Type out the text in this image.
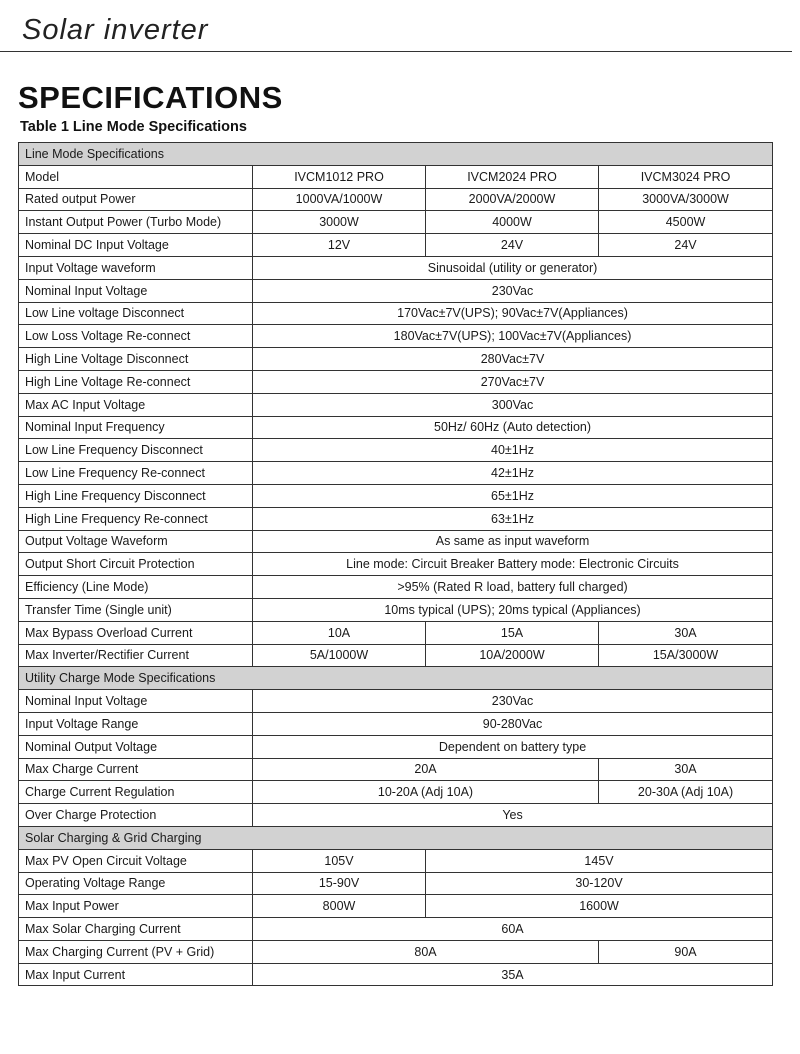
Solar inverter
SPECIFICATIONS
Table 1 Line Mode Specifications
Line Mode Specifications			
Model	IVCM1012 PRO	IVCM2024 PRO	IVCM3024 PRO
Rated output Power	1000VA/1000W	2000VA/2000W	3000VA/3000W
Instant Output Power (Turbo Mode)	3000W	4000W	4500W
Nominal DC Input Voltage	12V	24V	24V
Input Voltage waveform	Sinusoidal (utility or generator)		
Nominal Input Voltage	230Vac		
Low Line voltage Disconnect	170Vac±7V(UPS); 90Vac±7V(Appliances)		
Low Loss Voltage Re-connect	180Vac±7V(UPS); 100Vac±7V(Appliances)		
High Line Voltage Disconnect	280Vac±7V		
High Line Voltage Re-connect	270Vac±7V		
Max AC Input Voltage	300Vac		
Nominal Input Frequency	50Hz/ 60Hz (Auto detection)		
Low Line Frequency Disconnect	40±1Hz		
Low Line Frequency Re-connect	42±1Hz		
High Line Frequency Disconnect	65±1Hz		
High Line Frequency Re-connect	63±1Hz		
Output Voltage Waveform	As same as input waveform		
Output Short Circuit Protection	Line mode: Circuit Breaker Battery mode: Electronic Circuits		
Efficiency (Line Mode)	>95% (Rated R load, battery full charged)		
Transfer Time (Single unit)	10ms typical (UPS); 20ms typical (Appliances)		
Max Bypass Overload Current	10A	15A	30A
Max Inverter/Rectifier Current	5A/1000W	10A/2000W	15A/3000W
Utility Charge Mode Specifications			
Nominal Input Voltage	230Vac		
Input Voltage Range	90-280Vac		
Nominal Output Voltage	Dependent on battery type		
Max Charge Current	20A		30A
Charge Current Regulation	10-20A (Adj 10A)		20-30A (Adj 10A)
Over Charge Protection	Yes		
Solar Charging & Grid Charging			
Max PV Open Circuit Voltage	105V	145V	
Operating Voltage Range	15-90V	30-120V	
Max Input Power	800W	1600W	
Max Solar Charging Current	60A		
Max Charging Current (PV + Grid)	80A		90A
Max Input Current	35A		
